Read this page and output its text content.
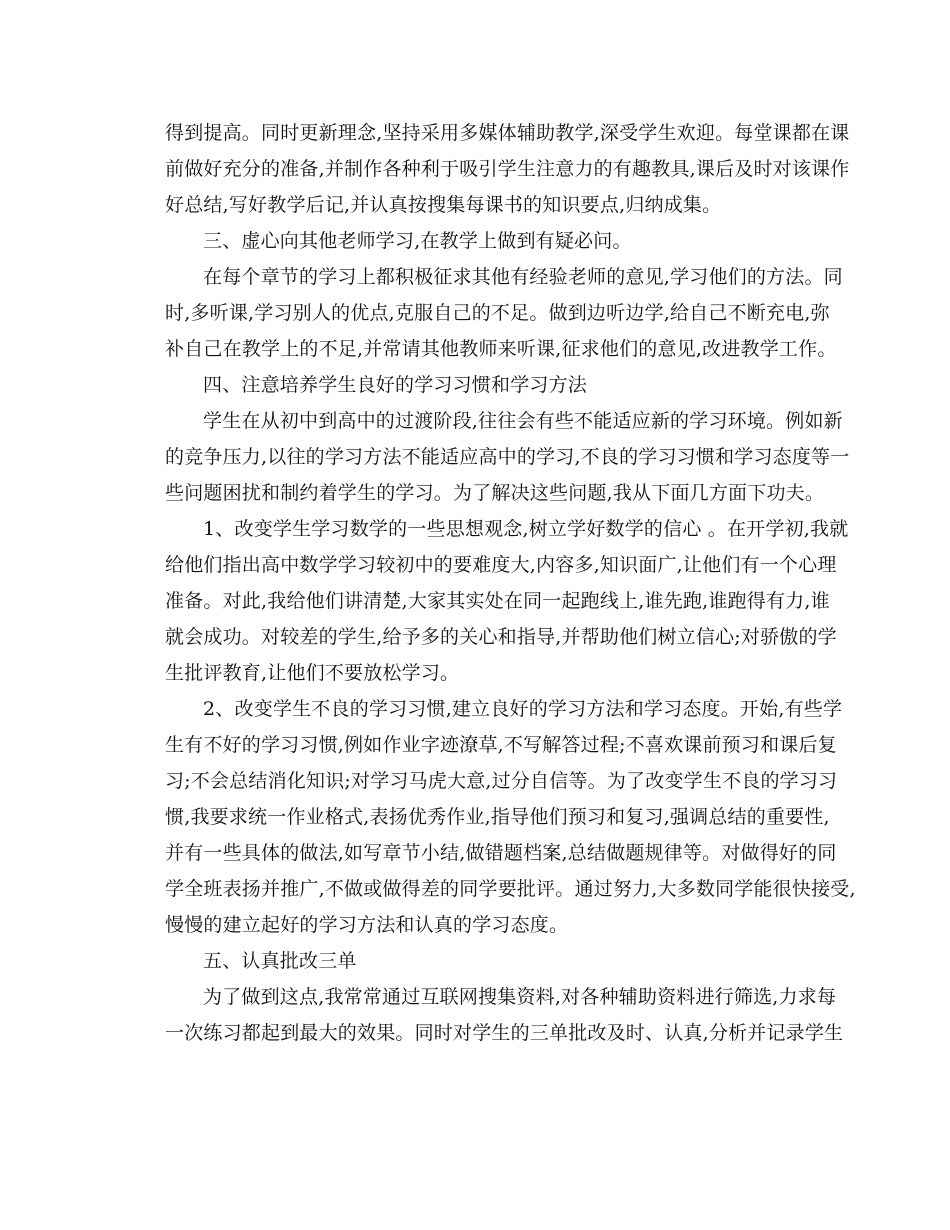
得到提高。同时更新理念,坚持采用多媒体辅助教学,深受学生欢迎。每堂课都在课
前做好充分的准备,并制作各种利于吸引学生注意力的有趣教具,课后及时对该课作
好总结,写好教学后记,并认真按搜集每课书的知识要点,归纳成集。
三、虚心向其他老师学习,在教学上做到有疑必问。
在每个章节的学习上都积极征求其他有经验老师的意见,学习他们的方法。同
时,多听课,学习别人的优点,克服自己的不足。做到边听边学,给自己不断充电,弥
补自己在教学上的不足,并常请其他教师来听课,征求他们的意见,改进教学工作。
四、注意培养学生良好的学习习惯和学习方法
学生在从初中到高中的过渡阶段,往往会有些不能适应新的学习环境。例如新
的竞争压力,以往的学习方法不能适应高中的学习,不良的学习习惯和学习态度等一
些问题困扰和制约着学生的学习。为了解决这些问题,我从下面几方面下功夫。
1、改变学生学习数学的一些思想观念,树立学好数学的信心 。在开学初,我就
给他们指出高中数学学习较初中的要难度大,内容多,知识面广,让他们有一个心理
准备。对此,我给他们讲清楚,大家其实处在同一起跑线上,谁先跑,谁跑得有力,谁
就会成功。对较差的学生,给予多的关心和指导,并帮助他们树立信心;对骄傲的学
生批评教育,让他们不要放松学习。
2、改变学生不良的学习习惯,建立良好的学习方法和学习态度。开始,有些学
生有不好的学习习惯,例如作业字迹潦草,不写解答过程;不喜欢课前预习和课后复
习;不会总结消化知识;对学习马虎大意,过分自信等。为了改变学生不良的学习习
惯,我要求统一作业格式,表扬优秀作业,指导他们预习和复习,强调总结的重要性,
并有一些具体的做法,如写章节小结,做错题档案,总结做题规律等。对做得好的同
学全班表扬并推广,不做或做得差的同学要批评。通过努力,大多数同学能很快接受,
慢慢的建立起好的学习方法和认真的学习态度。
五、认真批改三单
为了做到这点,我常常通过互联网搜集资料,对各种辅助资料进行筛选,力求每
一次练习都起到最大的效果。同时对学生的三单批改及时、认真,分析并记录学生
